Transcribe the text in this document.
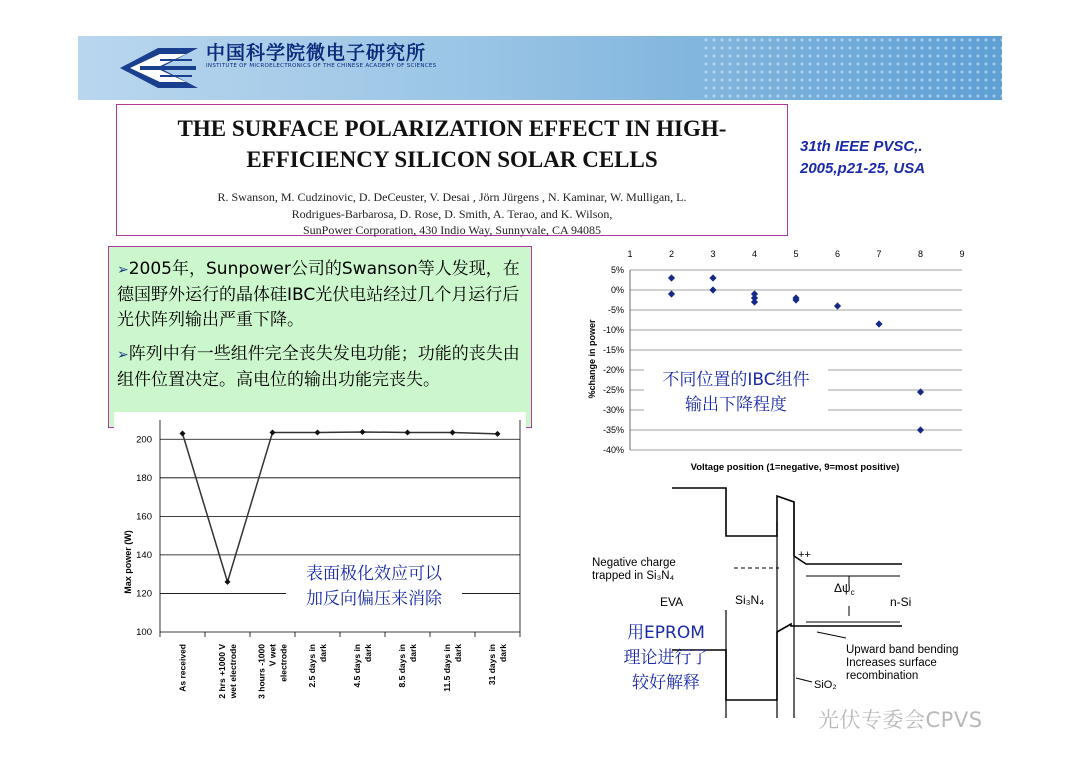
中国科学院微电子研究所
INSTITUTE OF MICROELECTRONICS OF THE CHINESE ACADEMY OF SCIENCES
THE SURFACE POLARIZATION EFFECT IN HIGH-
EFFICIENCY SILICON SOLAR CELLS
R. Swanson, M. Cudzinovic, D. DeCeuster, V. Desai , Jörn Jürgens , N. Kaminar, W. Mulligan, L.
Rodrigues-Barbarosa, D. Rose, D. Smith, A. Terao, and K. Wilson,
SunPower Corporation, 430 Indio Way, Sunnyvale, CA 94085
31th IEEE PVSC,.
2005,p21-25, USA

➢2005年，Sunpower公司的Swanson等人发现，在德国野外运行的晶体硅IBC光伏电站经过几个月运行后光伏阵列输出严重下降。

➢阵列中有一些组件完全丧失发电功能；功能的丧失由组件位置决定。高电位的输出功能完丧失。

100
120
140
160
180
200
As received	2 hrs +1000 V wet electrode 3 hours -1000 V wet electrode 2.5 days in dark	4.5 days in dark	8.5 days in dark	11.5 days in dark	31 days in dark
Max power (W)
5%
0%
-5%
-10%
-15%
-20%
-25%
-30%
-35%
-40%
1	2	3	4	5	6	7	8	9
%change in power
Voltage position (1=negative, 9=most positive)
Negative charge
trapped in Si₃N₄
++
$\Delta\psi_c$
EVA	Si₃N₄	n-Si
Upward band bending
Increases surface
recombination
SiO₂
不同位置的IBC组件
输出下降程度
表面极化效应可以
加反向偏压来消除
用EPROM
理论进行了
较好解释
光伏专委会CPVS
